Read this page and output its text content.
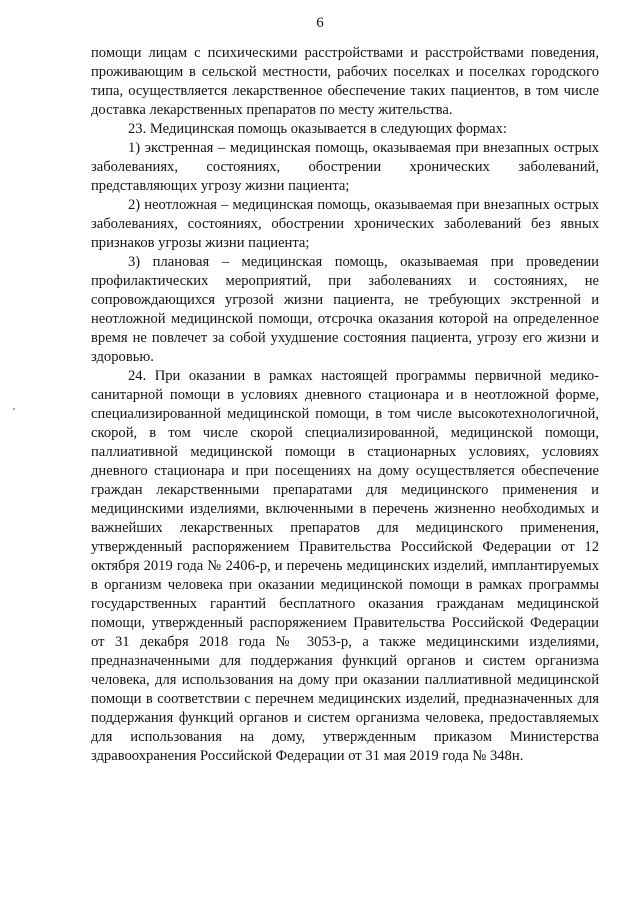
6

помощи лицам с психическими расстройствами и расстройствами поведения, проживающим в сельской местности, рабочих поселках и поселках городского типа, осуществляется лекарственное обеспечение таких пациентов, в том числе доставка лекарственных препаратов по месту жительства.

23. Медицинская помощь оказывается в следующих формах:

1) экстренная – медицинская помощь, оказываемая при внезапных острых заболеваниях, состояниях, обострении хронических заболеваний, представляющих угрозу жизни пациента;

2) неотложная – медицинская помощь, оказываемая при внезапных острых заболеваниях, состояниях, обострении хронических заболеваний без явных признаков угрозы жизни пациента;

3) плановая – медицинская помощь, оказываемая при проведении профилактических мероприятий, при заболеваниях и состояниях, не сопровождающихся угрозой жизни пациента, не требующих экстренной и неотложной медицинской помощи, отсрочка оказания которой на определенное время не повлечет за собой ухудшение состояния пациента, угрозу его жизни и здоровью.

24. При оказании в рамках настоящей программы первичной медико-санитарной помощи в условиях дневного стационара и в неотложной форме, специализированной медицинской помощи, в том числе высокотехнологичной, скорой, в том числе скорой специализированной, медицинской помощи, паллиативной медицинской помощи в стационарных условиях, условиях дневного стационара и при посещениях на дому осуществляется обеспечение граждан лекарственными препаратами для медицинского применения и медицинскими изделиями, включенными в перечень жизненно необходимых и важнейших лекарственных препаратов для медицинского применения, утвержденный распоряжением Правительства Российской Федерации от 12 октября 2019 года № 2406-р, и перечень медицинских изделий, имплантируемых в организм человека при оказании медицинской помощи в рамках программы государственных гарантий бесплатного оказания гражданам медицинской помощи, утвержденный распоряжением Правительства Российской Федерации от 31 декабря 2018 года № 3053-р, а также медицинскими изделиями, предназначенными для поддержания функций органов и систем организма человека, для использования на дому при оказании паллиативной медицинской помощи в соответствии с перечнем медицинских изделий, предназначенных для поддержания функций органов и систем организма человека, предоставляемых для использования на дому, утвержденным приказом Министерства здравоохранения Российской Федерации от 31 мая 2019 года № 348н.
